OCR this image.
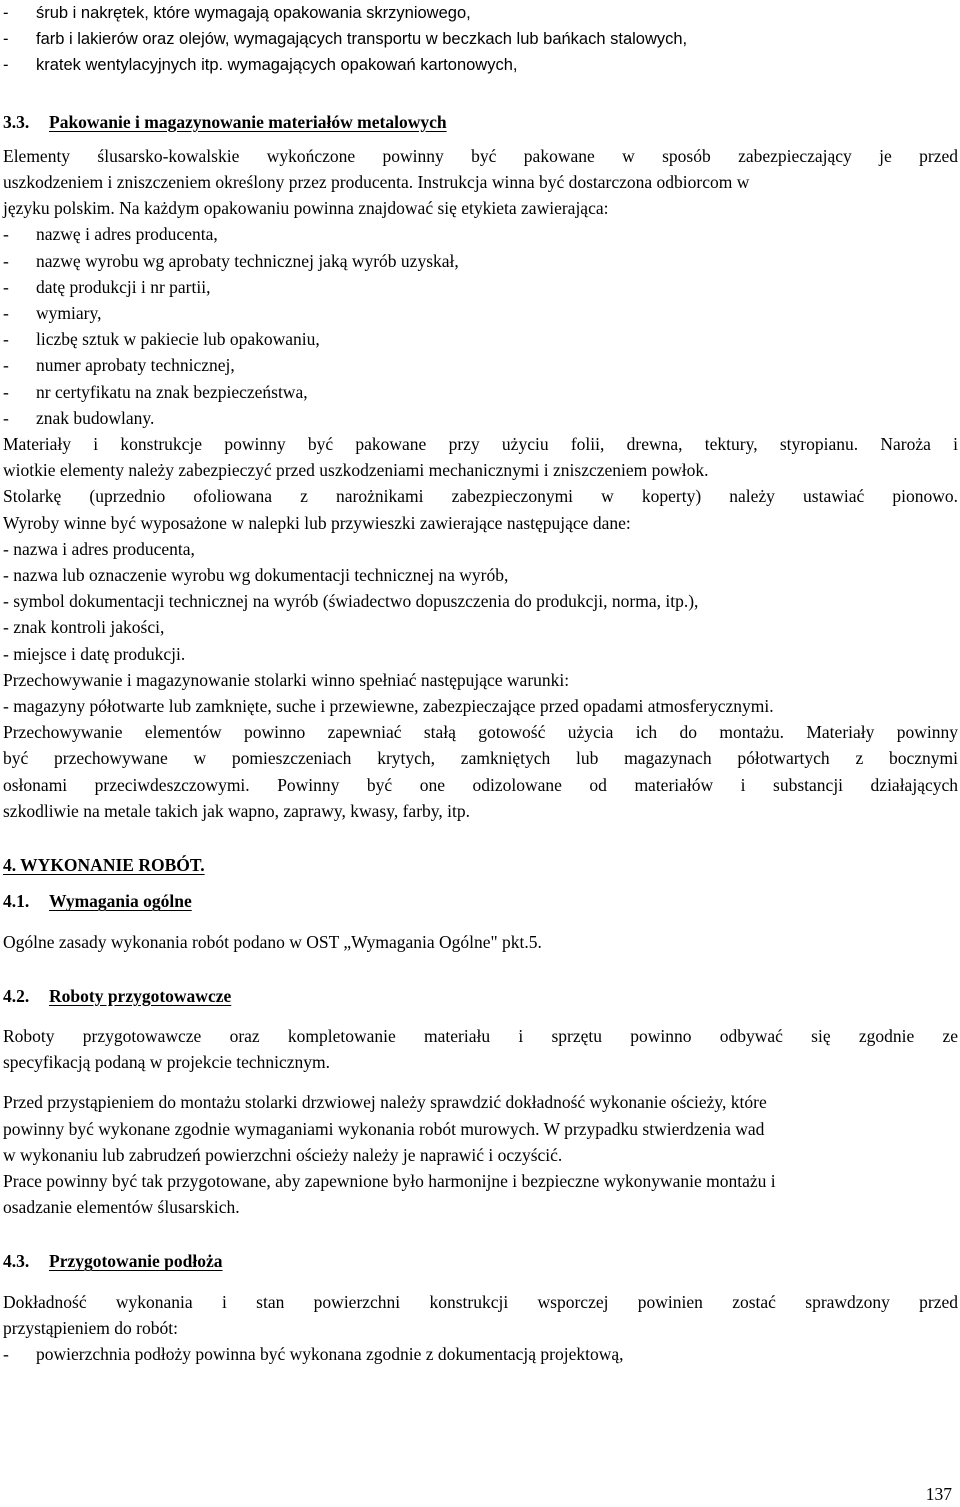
-	śrub i nakrętek, które wymagają opakowania skrzyniowego,
-	farb i lakierów oraz olejów, wymagających transportu w beczkach lub bańkach stalowych,
-	kratek wentylacyjnych itp. wymagających opakowań kartonowych,
3.3.	Pakowanie i magazynowanie materiałów metalowych
Elementy ślusarsko-kowalskie wykończone powinny być pakowane w sposób zabezpieczający je przed
uszkodzeniem i zniszczeniem określony przez producenta. Instrukcja winna być dostarczona odbiorcom w
języku polskim. Na każdym opakowaniu powinna znajdować się etykieta zawierająca:
-	nazwę i adres producenta,
-	nazwę wyrobu wg aprobaty technicznej jaką wyrób uzyskał,
-	datę produkcji i nr partii,
-	wymiary,
-	liczbę sztuk w pakiecie lub opakowaniu,
-	numer aprobaty technicznej,
-	nr certyfikatu na znak bezpieczeństwa,
-	znak budowlany.
Materiały i konstrukcje powinny być pakowane przy użyciu folii, drewna, tektury, styropianu. Naroża i
wiotkie elementy należy zabezpieczyć przed uszkodzeniami mechanicznymi i zniszczeniem powłok.
Stolarkę (uprzednio ofoliowana z narożnikami zabezpieczonymi w koperty) należy ustawiać pionowo.
Wyroby winne być wyposażone w nalepki lub przywieszki zawierające następujące dane:
- nazwa i adres producenta,
- nazwa lub oznaczenie wyrobu wg dokumentacji technicznej na wyrób,
- symbol dokumentacji technicznej na wyrób (świadectwo dopuszczenia do produkcji, norma, itp.),
- znak kontroli jakości,
- miejsce i datę produkcji.
Przechowywanie i magazynowanie stolarki winno spełniać następujące warunki:
- magazyny półotwarte lub zamknięte, suche i przewiewne, zabezpieczające przed opadami atmosferycznymi.
Przechowywanie elementów powinno zapewniać stałą gotowość użycia ich do montażu. Materiały powinny
być przechowywane w pomieszczeniach krytych, zamkniętych lub magazynach półotwartych z bocznymi
osłonami przeciwdeszczowymi. Powinny być one odizolowane od materiałów i substancji działających
szkodliwie na metale takich jak wapno, zaprawy, kwasy, farby, itp.
4. WYKONANIE ROBÓT.
4.1.	Wymagania ogólne
Ogólne zasady wykonania robót podano w OST „Wymagania Ogólne" pkt.5.
4.2.	Roboty przygotowawcze
Roboty przygotowawcze oraz kompletowanie materiału i sprzętu powinno odbywać się zgodnie ze
specyfikacją podaną w projekcie technicznym.
Przed przystąpieniem do montażu stolarki drzwiowej należy sprawdzić dokładność wykonanie ościeży, które
powinny być wykonane zgodnie wymaganiami wykonania robót murowych. W przypadku stwierdzenia wad
w wykonaniu lub zabrudzeń powierzchni ościeży należy je naprawić i oczyścić.
Prace powinny być tak przygotowane, aby zapewnione było harmonijne i bezpieczne wykonywanie montażu i
osadzanie elementów ślusarskich.
4.3.	Przygotowanie podłoża
Dokładność wykonania i stan powierzchni konstrukcji wsporczej powinien zostać sprawdzony przed
przystąpieniem do robót:
-	powierzchnia podłoży powinna być wykonana zgodnie z dokumentacją projektową,
137
